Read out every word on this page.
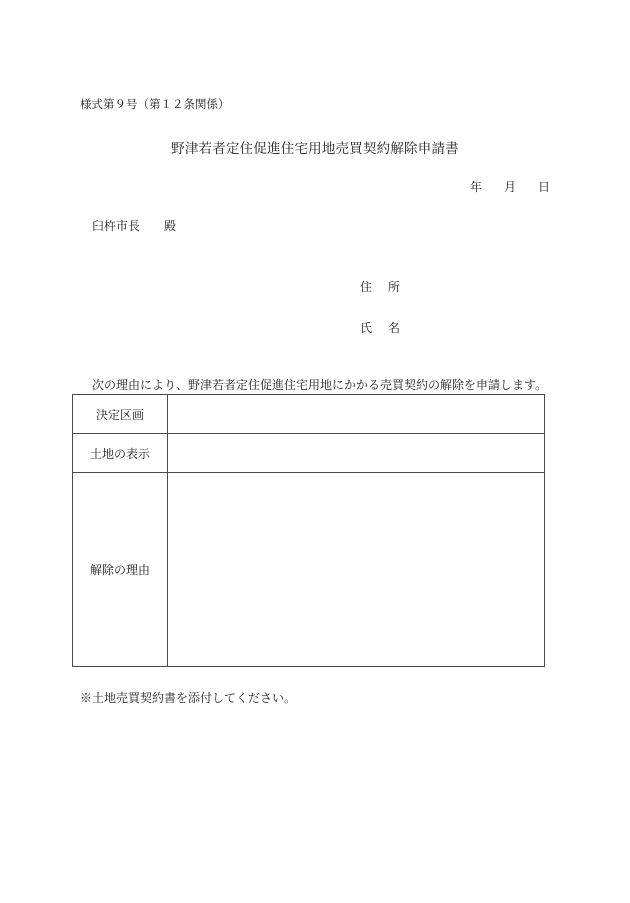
様式第９号（第１２条関係）
野津若者定住促進住宅用地売買契約解除申請書
年 月 日
臼杵市長 殿
住 所
氏 名
次の理由により、野津若者定住促進住宅用地にかかる売買契約の解除を申請します。
決定区画	
土地の表示	
解除の理由	
※土地売買契約書を添付してください。
